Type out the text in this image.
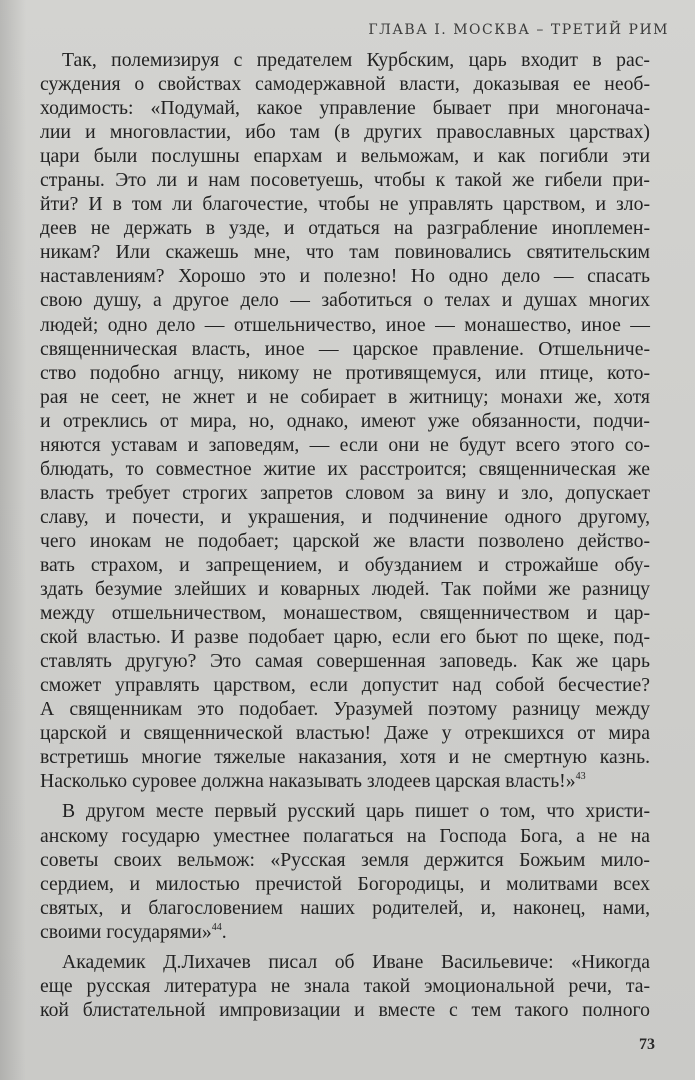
ГЛАВА I. МОСКВА – ТРЕТИЙ РИМ

Так, полемизируя с предателем Курбским, царь входит в рас-
суждения о свойствах самодержавной власти, доказывая ее необ-
ходимость: «Подумай, какое управление бывает при многонача-
лии и многовластии, ибо там (в других православных царствах)
цари были послушны епархам и вельможам, и как погибли эти
страны. Это ли и нам посоветуешь, чтобы к такой же гибели при-
йти? И в том ли благочестие, чтобы не управлять царством, и зло-
деев не держать в узде, и отдаться на разграбление иноплемен-
никам? Или скажешь мне, что там повиновались святительским
наставлениям? Хорошо это и полезно! Но одно дело — спасать
свою душу, а другое дело — заботиться о телах и душах многих
людей; одно дело — отшельничество, иное — монашество, иное —
священническая власть, иное — царское правление. Отшельниче-
ство подобно агнцу, никому не противящемуся, или птице, кото-
рая не сеет, не жнет и не собирает в житницу; монахи же, хотя
и отреклись от мира, но, однако, имеют уже обязанности, подчи-
няются уставам и заповедям, — если они не будут всего этого со-
блюдать, то совместное житие их расстроится; священническая же
власть требует строгих запретов словом за вину и зло, допускает
славу, и почести, и украшения, и подчинение одного другому,
чего инокам не подобает; царской же власти позволено действо-
вать страхом, и запрещением, и обузданием и строжайше обу-
здать безумие злейших и коварных людей. Так пойми же разницу
между отшельничеством, монашеством, священничеством и цар-
ской властью. И разве подобает царю, если его бьют по щеке, под-
ставлять другую? Это самая совершенная заповедь. Как же царь
сможет управлять царством, если допустит над собой бесчестие?
А священникам это подобает. Уразумей поэтому разницу между
царской и священнической властью! Даже у отрекшихся от мира
встретишь многие тяжелые наказания, хотя и не смертную казнь.
Насколько суровее должна наказывать злодеев царская власть!»$^{43}$

В другом месте первый русский царь пишет о том, что христи-
анскому государю уместнее полагаться на Господа Бога, а не на
советы своих вельмож: «Русская земля держится Божьим мило-
сердием, и милостью пречистой Богородицы, и молитвами всех
святых, и благословением наших родителей, и, наконец, нами,
своими государями»$^{44}$.

Академик Д.Лихачев писал об Иване Васильевиче: «Никогда
еще русская литература не знала такой эмоциональной речи, та-
кой блистательной импровизации и вместе с тем такого полного

73
